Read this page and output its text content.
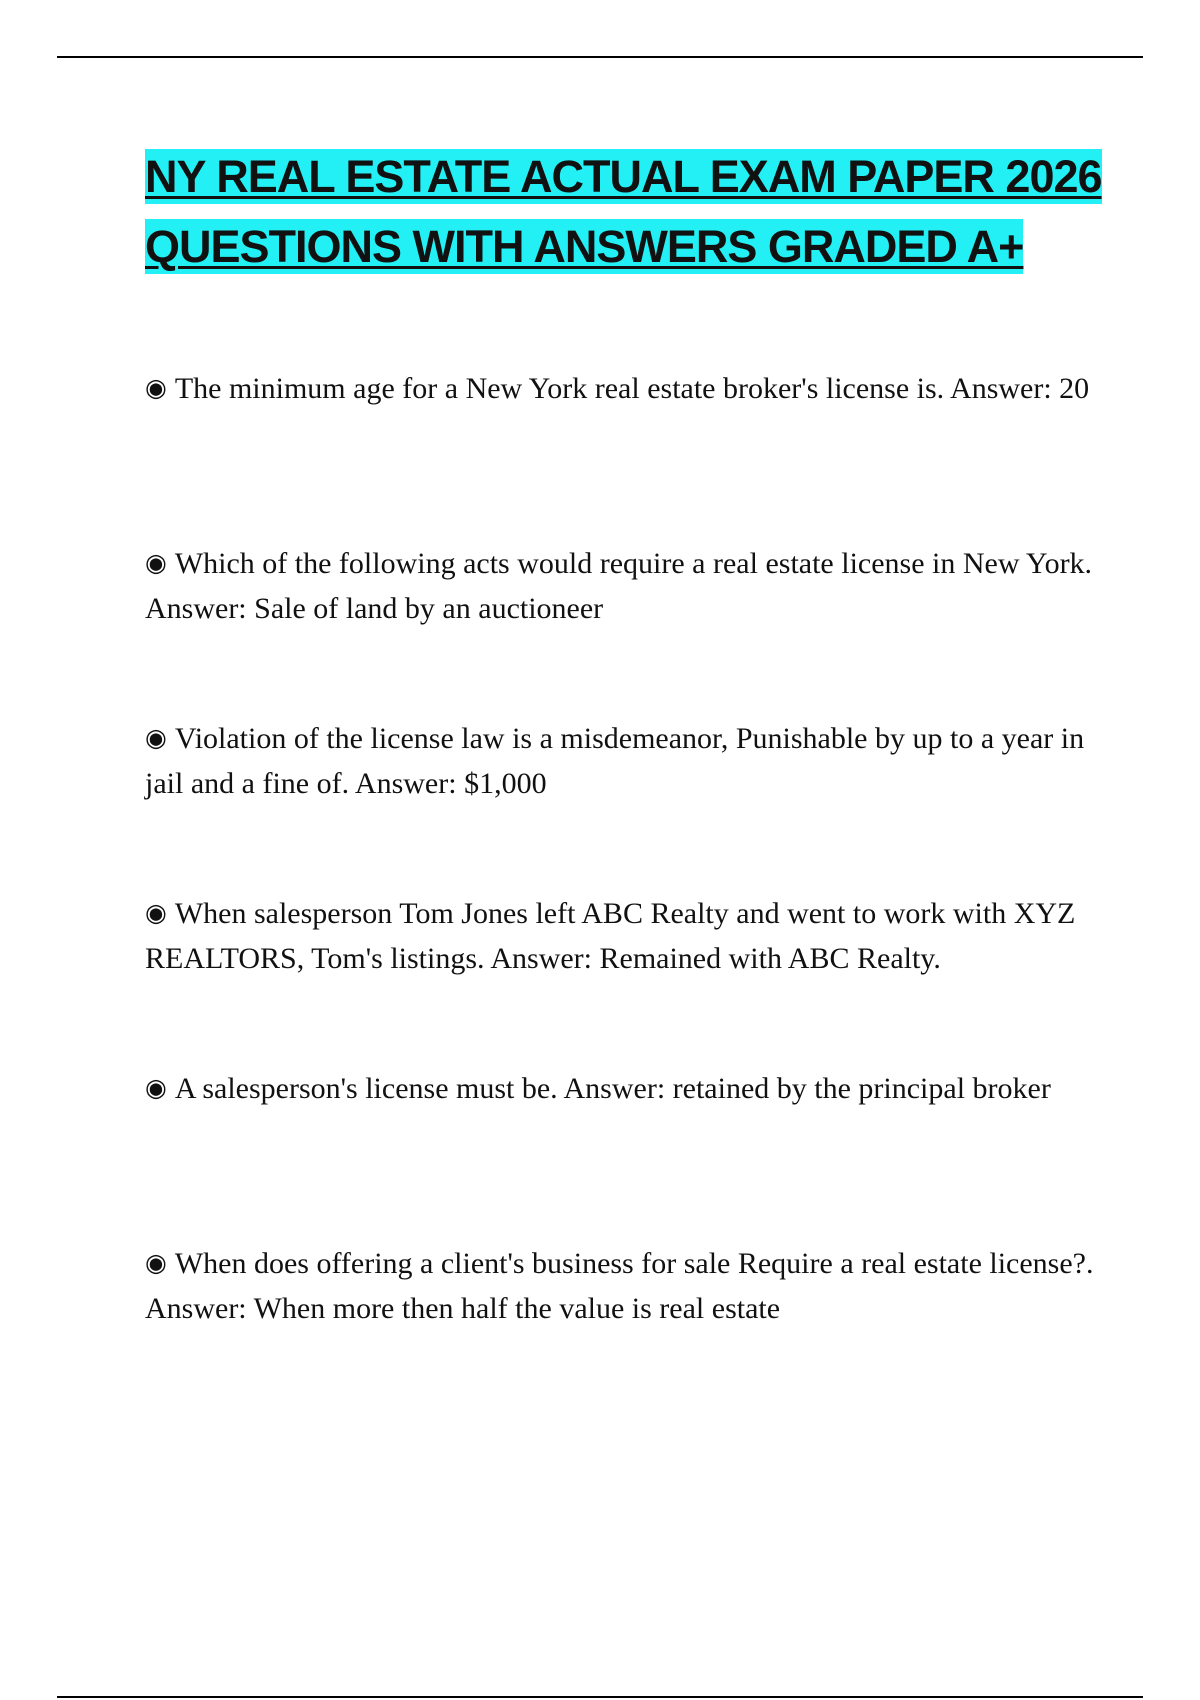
NY REAL ESTATE ACTUAL EXAM PAPER 2026
QUESTIONS WITH ANSWERS GRADED A+
◉ The minimum age for a New York real estate broker's license is. Answer: 20
◉ Which of the following acts would require a real estate license in New York. Answer: Sale of land by an auctioneer
◉ Violation of the license law is a misdemeanor, Punishable by up to a year in jail and a fine of. Answer: $1,000
◉ When salesperson Tom Jones left ABC Realty and went to work with XYZ REALTORS, Tom's listings. Answer: Remained with ABC Realty.
◉ A salesperson's license must be. Answer: retained by the principal broker
◉ When does offering a client's business for sale Require a real estate license?. Answer: When more then half the value is real estate
